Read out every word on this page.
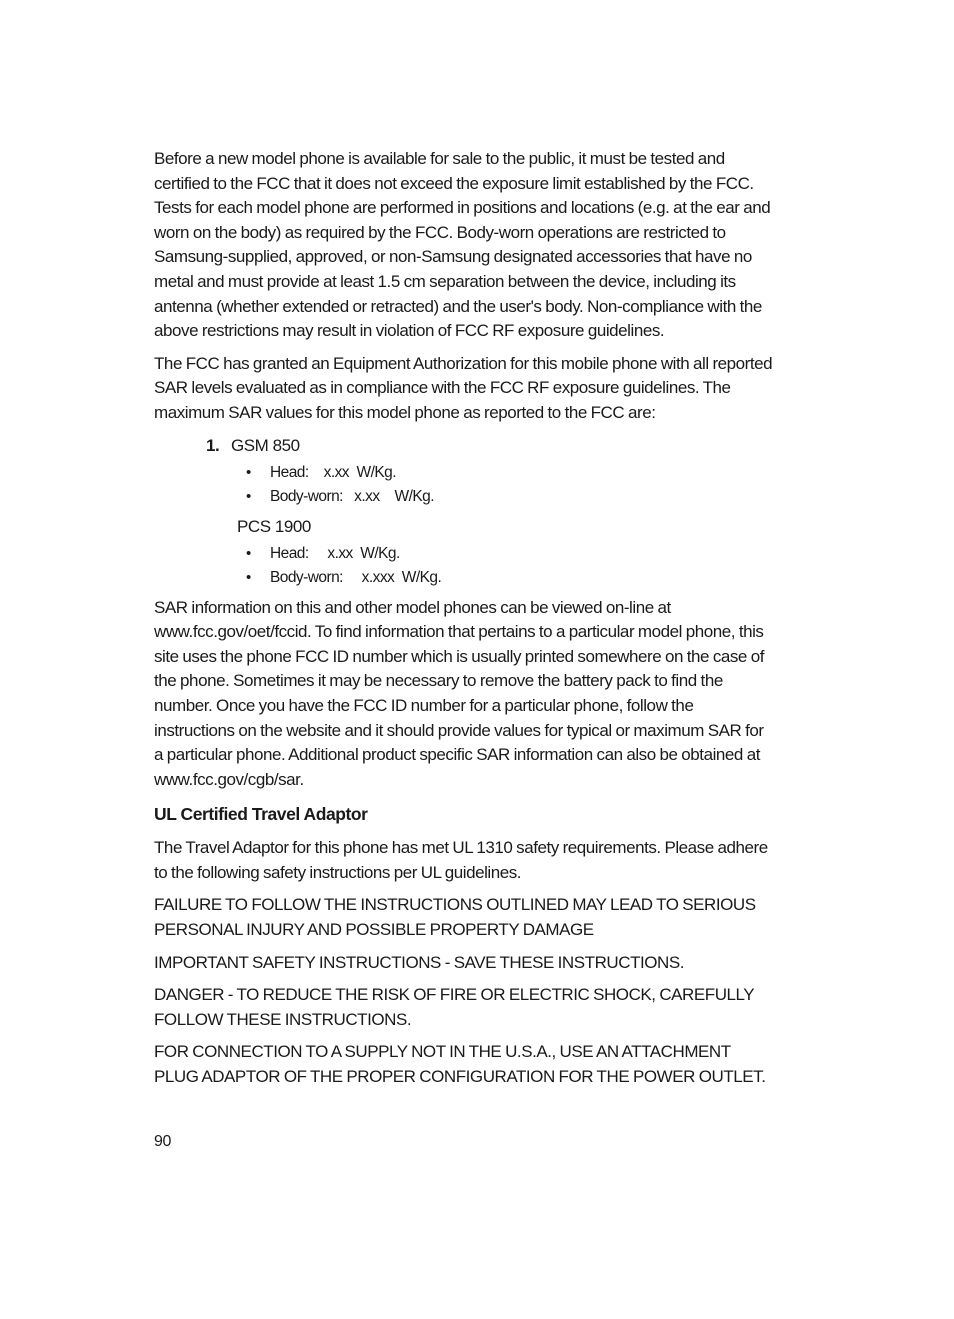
Before a new model phone is available for sale to the public, it must be tested and certified to the FCC that it does not exceed the exposure limit established by the FCC. Tests for each model phone are performed in positions and locations (e.g. at the ear and worn on the body) as required by the FCC. Body-worn operations are restricted to Samsung-supplied, approved, or non-Samsung designated accessories that have no metal and must provide at least 1.5 cm separation between the device, including its antenna (whether extended or retracted) and the user's body. Non-compliance with the above restrictions may result in violation of FCC RF exposure guidelines.

The FCC has granted an Equipment Authorization for this mobile phone with all reported SAR levels evaluated as in compliance with the FCC RF exposure guidelines. The maximum SAR values for this model phone as reported to the FCC are:

1. GSM 850
•	Head:    x.xx  W/Kg.
•	Body-worn:   x.xx    W/Kg.
PCS 1900
•	Head:     x.xx  W/Kg.
•	Body-worn:     x.xxx  W/Kg.

SAR information on this and other model phones can be viewed on-line at www.fcc.gov/oet/fccid. To find information that pertains to a particular model phone, this site uses the phone FCC ID number which is usually printed somewhere on the case of the phone. Sometimes it may be necessary to remove the battery pack to find the number. Once you have the FCC ID number for a particular phone, follow the instructions on the website and it should provide values for typical or maximum SAR for a particular phone. Additional product specific SAR information can also be obtained at www.fcc.gov/cgb/sar.

UL Certified Travel Adaptor

The Travel Adaptor for this phone has met UL 1310 safety requirements. Please adhere to the following safety instructions per UL guidelines.

FAILURE TO FOLLOW THE INSTRUCTIONS OUTLINED MAY LEAD TO SERIOUS PERSONAL INJURY AND POSSIBLE PROPERTY DAMAGE

IMPORTANT SAFETY INSTRUCTIONS - SAVE THESE INSTRUCTIONS.

DANGER - TO REDUCE THE RISK OF FIRE OR ELECTRIC SHOCK, CAREFULLY FOLLOW THESE INSTRUCTIONS.

FOR CONNECTION TO A SUPPLY NOT IN THE U.S.A., USE AN ATTACHMENT PLUG ADAPTOR OF THE PROPER CONFIGURATION FOR THE POWER OUTLET.

90
